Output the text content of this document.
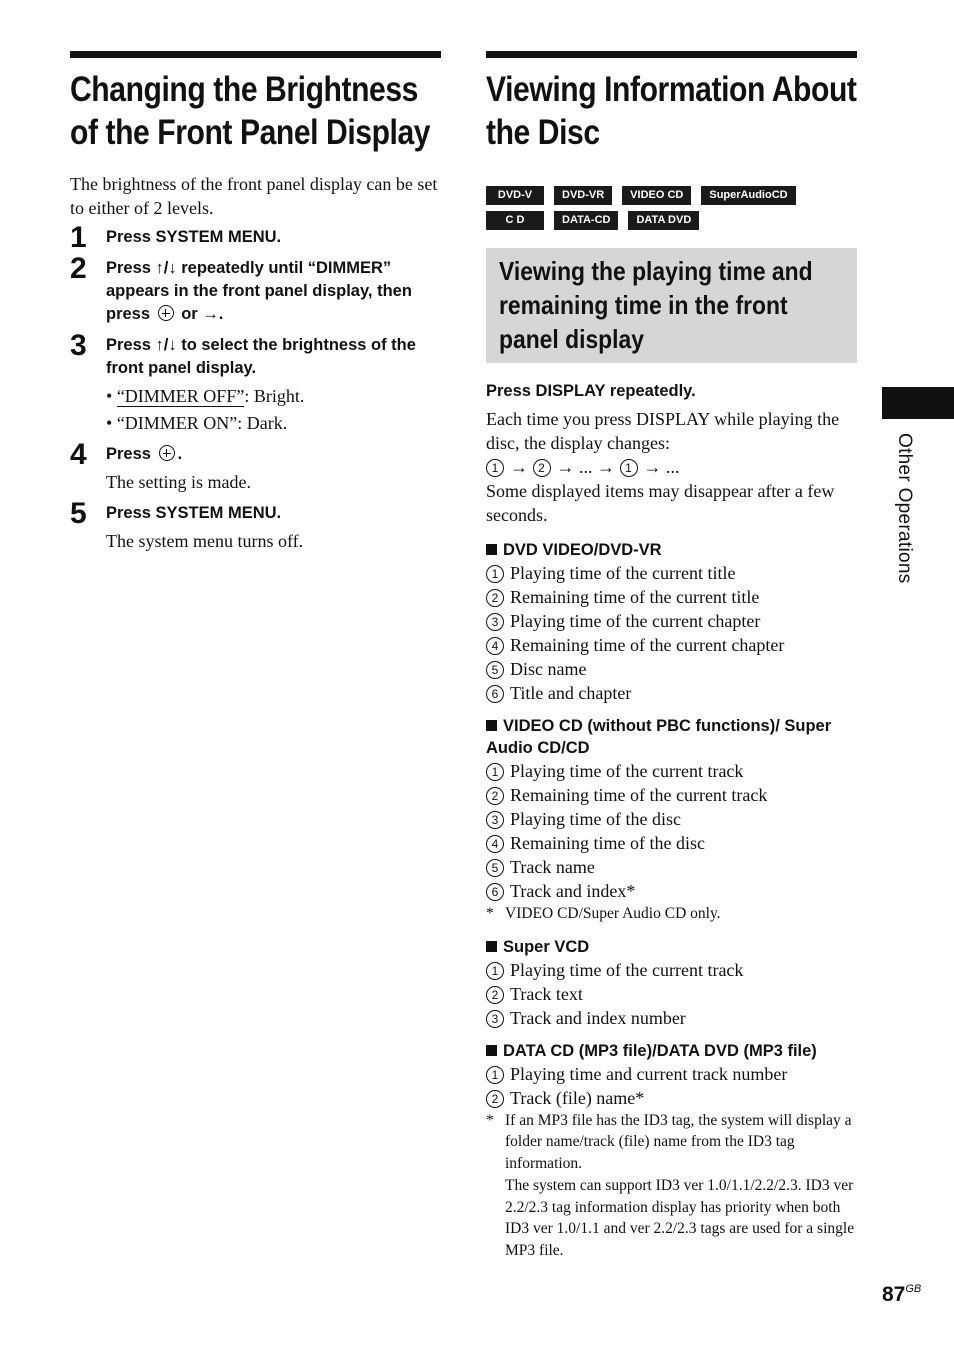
Changing the Brightness of the Front Panel Display

The brightness of the front panel display can be set to either of 2 levels.

1 Press SYSTEM MENU.
2 Press ↑/↓ repeatedly until “DIMMER” appears in the front panel display, then press  or →.
3 Press ↑/↓ to select the brightness of the front panel display.
• “DIMMER OFF”: Bright.
• “DIMMER ON”: Dark.
4 Press .
The setting is made.
5 Press SYSTEM MENU.
The system menu turns off.
Viewing Information About the Disc
DVD-V	DVD-VR	VIDEO CD	SuperAudioCD
C D	DATA-CD	DATA DVD
Viewing the playing time and remaining time in the front panel display
Press DISPLAY repeatedly.

Each time you press DISPLAY while playing the disc, the display changes:

1 → 2 → ... → 1 → ...

Some displayed items may disappear after a few seconds.

DVD VIDEO/DVD-VR
1 Playing time of the current title
2 Remaining time of the current title
3 Playing time of the current chapter
4 Remaining time of the current chapter
5 Disc name
6 Title and chapter
VIDEO CD (without PBC functions)/ Super Audio CD/CD
1 Playing time of the current track
2 Remaining time of the current track
3 Playing time of the disc
4 Remaining time of the disc
5 Track name
6 Track and index*
* VIDEO CD/Super Audio CD only.
Super VCD
1 Playing time of the current track
2 Track text
3 Track and index number
DATA CD (MP3 file)/DATA DVD (MP3 file)
1 Playing time and current track number
2 Track (file) name*
* If an MP3 file has the ID3 tag, the system will display a folder name/track (file) name from the ID3 tag information.
The system can support ID3 ver 1.0/1.1/2.2/2.3. ID3 ver 2.2/2.3 tag information display has priority when both ID3 ver 1.0/1.1 and ver 2.2/2.3 tags are used for a single MP3 file.
Other Operations
$87^{GB}$
